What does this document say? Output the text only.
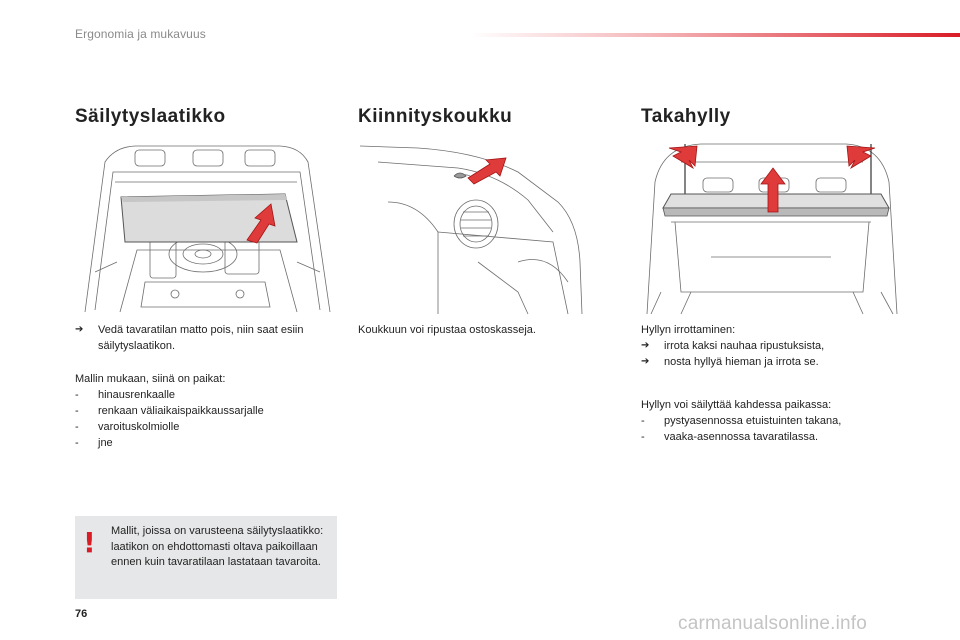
Ergonomia ja mukavuus
Säilytyslaatikko
➔	Vedä tavaratilan matto pois, niin saat esiin säilytyslaatikon.
Mallin mukaan, siinä on paikat:
-	hinausrenkaalle
-	renkaan väliaikaispaikkaussarjalle
-	varoituskolmiolle
-	jne
Kiinnityskoukku
Koukkuun voi ripustaa ostoskasseja.
Takahylly
Hyllyn irrottaminen:
➔	irrota kaksi nauhaa ripustuksista,
➔	nosta hyllyä hieman ja irrota se.
Hyllyn voi säilyttää kahdessa paikassa:
-	pystyasennossa etuistuinten takana,
-	vaaka-asennossa tavaratilassa.
! Mallit, joissa on varusteena säilytyslaatikko: laatikon on ehdottomasti oltava paikoillaan ennen kuin tavaratilaan lastataan tavaroita.
76	carmanualsonline.info
